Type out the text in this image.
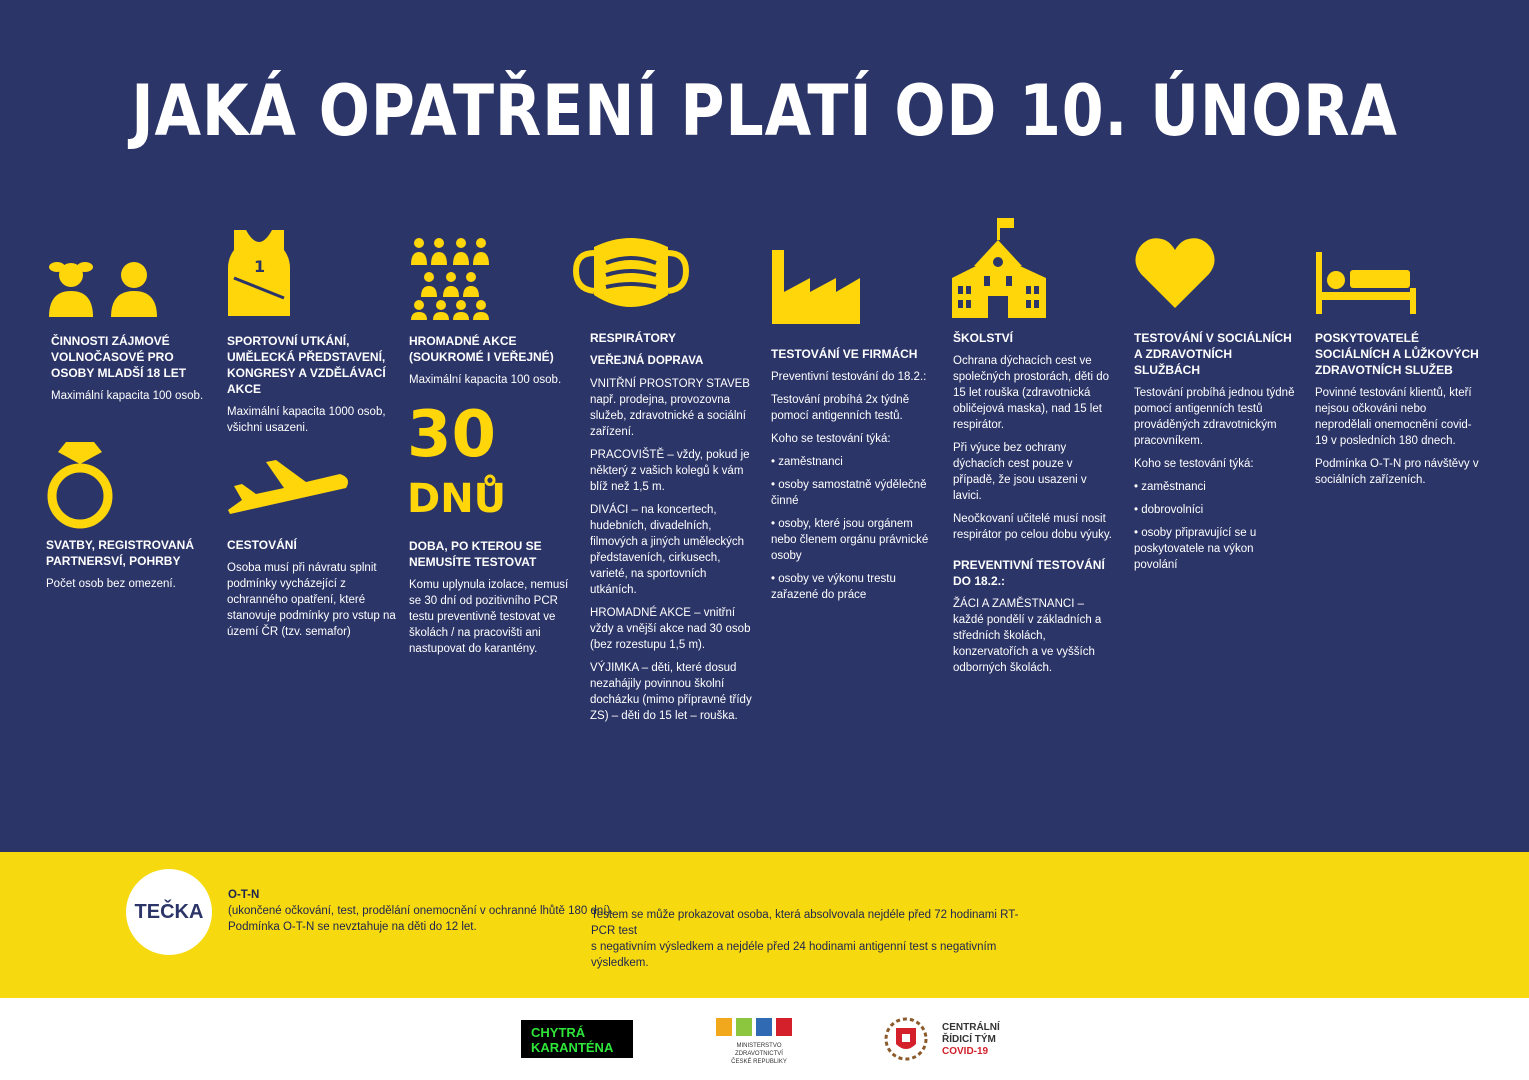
JAKÁ OPATŘENÍ PLATÍ OD 10. ÚNORA
1
ČINNOSTI ZÁJMOVÉ VOLNOČASOVÉ PRO OSOBY MLADŠÍ 18 LET

Maximální kapacita 100 osob.

SVATBY, REGISTROVANÁ PARTNERSVÍ, POHRBY

Počet osob bez omezení.

SPORTOVNÍ UTKÁNÍ, UMĚLECKÁ PŘEDSTAVENÍ, KONGRESY A VZDĚLÁVACÍ AKCE

Maximální kapacita 1000 osob, všichni usazeni.

CESTOVÁNÍ

Osoba musí při návratu splnit podmínky vycházející z ochranného opatření, které stanovuje podmínky pro vstup na území ČR (tzv. semafor)

HROMADNÉ AKCE (SOUKROMÉ I VEŘEJNÉ)

Maximální kapacita 100 osob.

30
DNŮ
DOBA, PO KTEROU SE NEMUSÍTE TESTOVAT

Komu uplynula izolace, nemusí se 30 dní od pozitivního PCR testu preventivně testovat ve školách / na pracovišti ani nastupovat do karantény.

RESPIRÁTORY

VEŘEJNÁ DOPRAVA

VNITŘNÍ PROSTORY STAVEB např. prodejna, provozovna služeb, zdravotnické a sociální zařízení.

PRACOVIŠTĚ – vždy, pokud je některý z vašich kolegů k vám blíž než 1,5 m.

DIVÁCI – na koncertech, hudebních, divadelních, filmových a jiných uměleckých představeních, cirkusech, varieté, na sportovních utkáních.

HROMADNÉ AKCE – vnitřní vždy a vnější akce nad 30 osob (bez rozestupu 1,5 m).

VÝJIMKA – děti, které dosud nezahájily povinnou školní docházku (mimo přípravné třídy ZS) – děti do 15 let – rouška.

TESTOVÁNÍ VE FIRMÁCH

Preventivní testování do 18.2.:

Testování probíhá 2x týdně pomocí antigenních testů.

Koho se testování týká:

• zaměstnanci
• osoby samostatně výdělečně činné
• osoby, které jsou orgánem nebo členem orgánu právnické osoby
• osoby ve výkonu trestu zařazené do práce
ŠKOLSTVÍ

Ochrana dýchacích cest ve společných prostorách, děti do 15 let rouška (zdravotnická obličejová maska), nad 15 let respirátor.

Při výuce bez ochrany dýchacích cest pouze v případě, že jsou usazeni v lavici.

Neočkovaní učitelé musí nosit respirátor po celou dobu výuky.

PREVENTIVNÍ TESTOVÁNÍ DO 18.2.:

ŽÁCI A ZAMĚSTNANCI – každé pondělí v základních a středních školách, konzervatořích a ve vyšších odborných školách.

TESTOVÁNÍ V SOCIÁLNÍCH A ZDRAVOTNÍCH SLUŽBÁCH

Testování probíhá jednou týdně pomocí antigenních testů prováděných zdravotnickým pracovníkem.

Koho se testování týká:

• zaměstnanci
• dobrovolníci
• osoby připravující se u poskytovatele na výkon povolání
POSKYTOVATELÉ SOCIÁLNÍCH A LŮŽKOVÝCH ZDRAVOTNÍCH SLUŽEB

Povinné testování klientů, kteří nejsou očkováni nebo neprodělali onemocnění covid-19 v posledních 180 dnech.

Podmínka O-T-N pro návštěvy v sociálních zařízeních.

TEČKA
O-T-N
(ukončené očkování, test, prodělání onemocnění v ochranné lhůtě 180 dní).
Podmínka O-T-N se nevztahuje na děti do 12 let.
Testem se může prokazovat osoba, která absolvovala nejdéle před 72 hodinami RT-PCR test
s negativním výsledkem a nejdéle před 24 hodinami antigenní test s negativním výsledkem.
CHYTRÁ
KARANTÉNA	MINISTERSTVO ZDRAVOTNICTVÍ
ČESKÉ REPUBLIKY
CENTRÁLNÍ
ŘÍDICÍ TÝM
COVID-19
